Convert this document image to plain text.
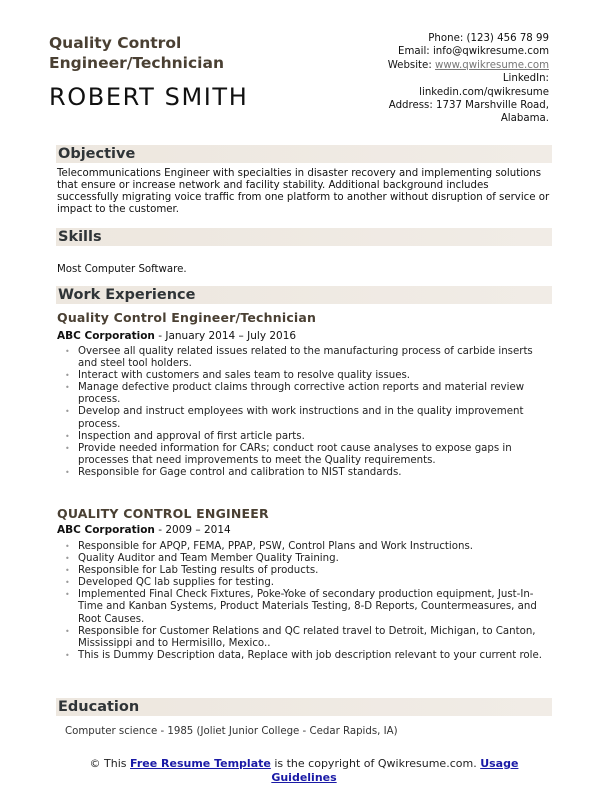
Quality Control Engineer/Technician
ROBERT SMITH
Phone: (123) 456 78 99
Email: info@qwikresume.com
Website: www.qwikresume.com
LinkedIn:
linkedin.com/qwikresume
Address: 1737 Marshville Road,
Alabama.
Objective
Telecommunications Engineer with specialties in disaster recovery and implementing solutions that ensure or increase network and facility stability. Additional background includes successfully migrating voice traffic from one platform to another without disruption of service or impact to the customer.
Skills
Most Computer Software.
Work Experience
Quality Control Engineer/Technician
ABC Corporation - January 2014 – July 2016
• Oversee all quality related issues related to the manufacturing process of carbide inserts and steel tool holders.
• Interact with customers and sales team to resolve quality issues.
• Manage defective product claims through corrective action reports and material review process.
• Develop and instruct employees with work instructions and in the quality improvement process.
• Inspection and approval of first article parts.
• Provide needed information for CARs; conduct root cause analyses to expose gaps in processes that need improvements to meet the Quality requirements.
• Responsible for Gage control and calibration to NIST standards.
QUALITY CONTROL ENGINEER
ABC Corporation - 2009 – 2014
• Responsible for APQP, FEMA, PPAP, PSW, Control Plans and Work Instructions.
• Quality Auditor and Team Member Quality Training.
• Responsible for Lab Testing results of products.
• Developed QC lab supplies for testing.
• Implemented Final Check Fixtures, Poke-Yoke of secondary production equipment, Just-In-Time and Kanban Systems, Product Materials Testing, 8-D Reports, Countermeasures, and Root Causes.
• Responsible for Customer Relations and QC related travel to Detroit, Michigan, to Canton, Mississippi and to Hermisillo, Mexico..
• This is Dummy Description data, Replace with job description relevant to your current role.
Education
Computer science - 1985 (Joliet Junior College - Cedar Rapids, IA)
© This Free Resume Template is the copyright of Qwikresume.com. Usage Guidelines
